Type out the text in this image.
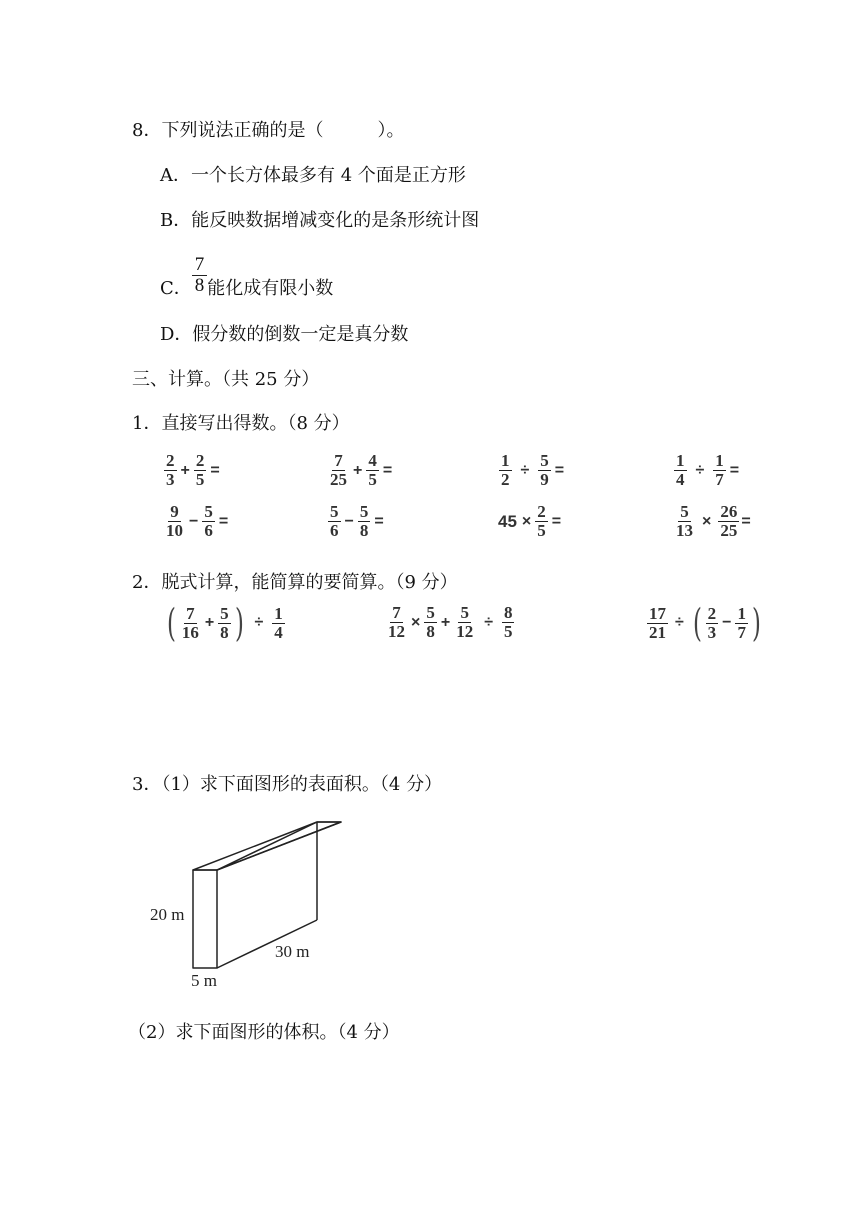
8．下列说法正确的是（　　　）。
A．一个长方体最多有 4 个面是正方形
B．能反映数据增减变化的是条形统计图
C． $\frac{7}{8}$ 能化成有限小数
D．假分数的倒数一定是真分数
三、计算。（共 25 分）
1．直接写出得数。（8 分）
$\frac{2}{3} + \frac{2}{5}$ =	$\frac{7}{25} + \frac{4}{5}$ =	$\frac{1}{2} \div \frac{5}{9}$ =	$\frac{1}{4} \div \frac{1}{7}$ =
$\frac{9}{10} - \frac{5}{6}$ =	$\frac{5}{6} - \frac{5}{8}$ =	$45 \times \frac{2}{5}$ =	$\frac{5}{13} \times \frac{26}{25}$ =
2．脱式计算，能简算的要简算。（9 分）
( $\frac{7}{16} + \frac{5}{8}$ ) ÷ $\frac{1}{4}$	$\frac{7}{12} \times \frac{5}{8} + \frac{5}{12} \div \frac{8}{5}$	$\frac{17}{21}$ ÷ ( $\frac{2}{3} - \frac{1}{7}$ )
3．（1）求下面图形的表面积。（4 分）
20 m
30 m
5 m
（2）求下面图形的体积。（4 分）
